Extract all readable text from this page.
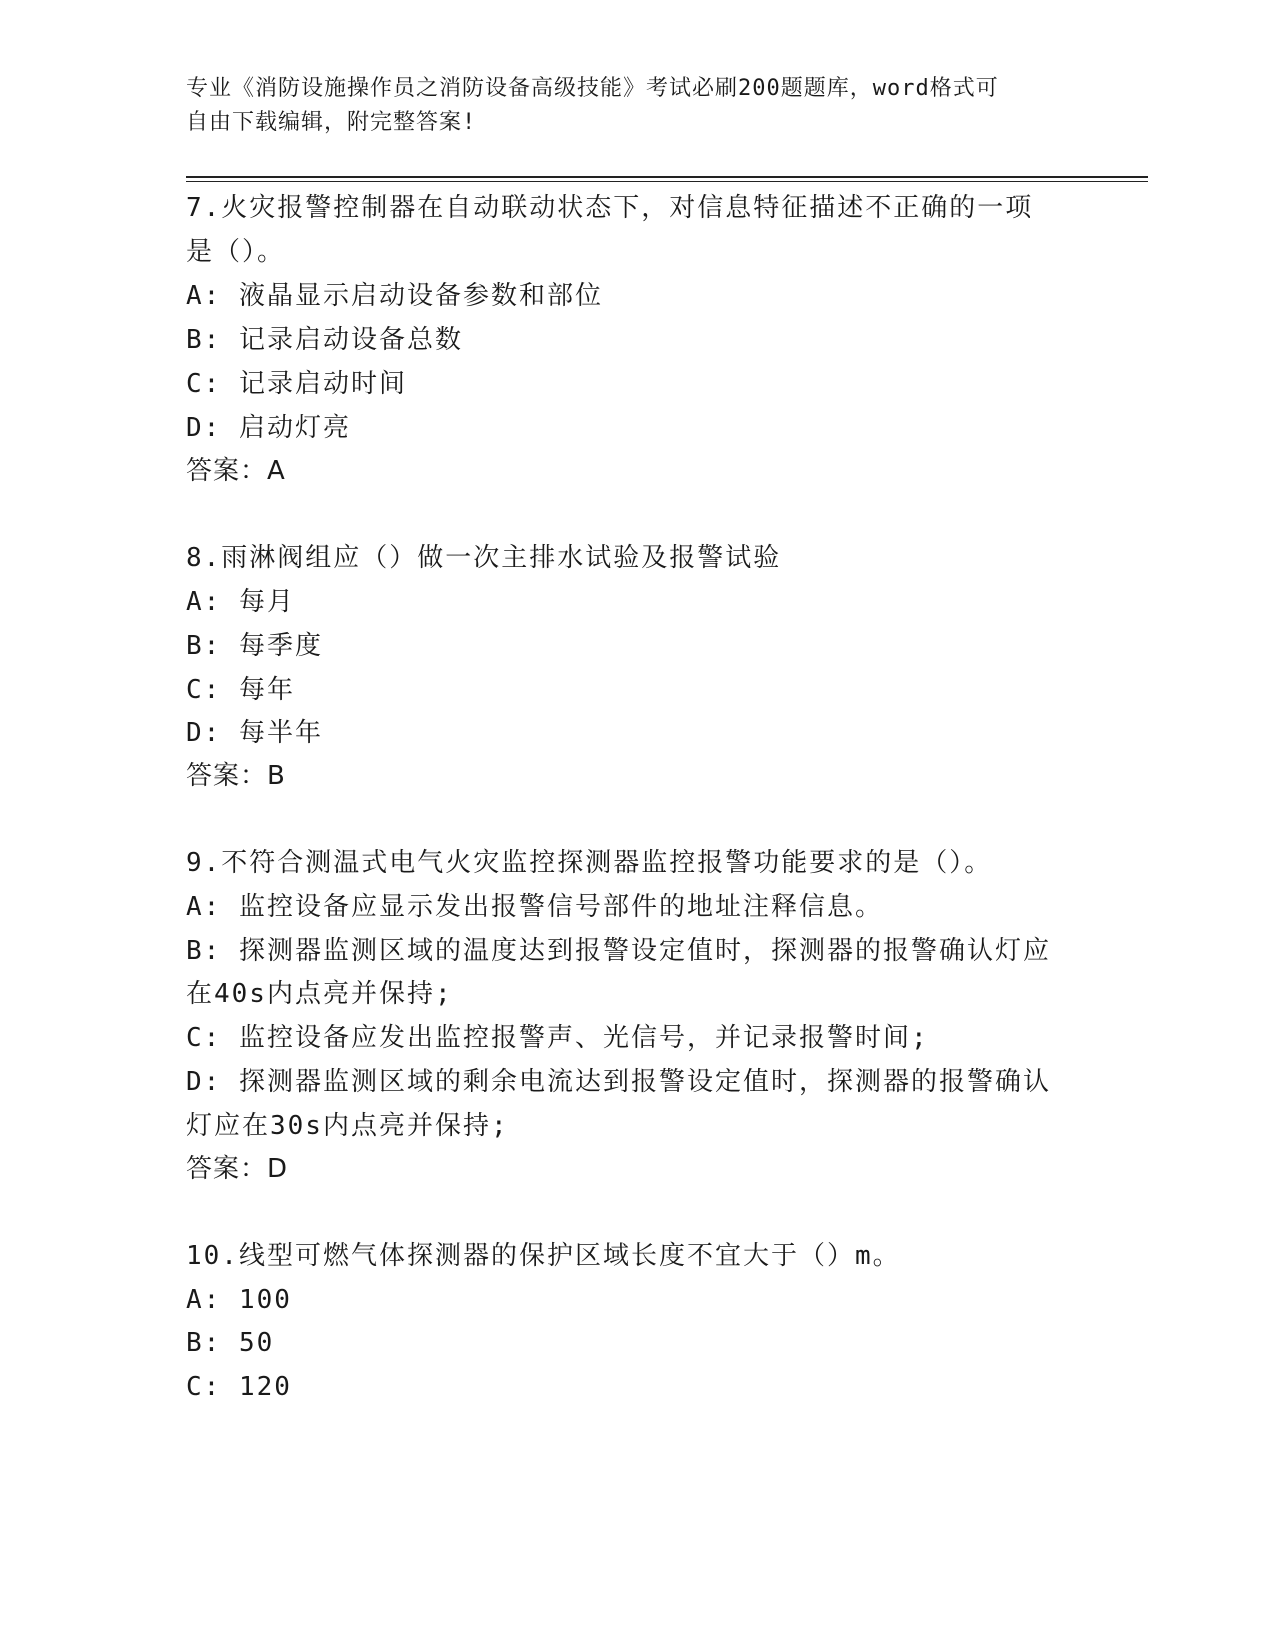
专业《消防设施操作员之消防设备高级技能》考试必刷200题题库，word格式可
自由下载编辑，附完整答案!
7.火灾报警控制器在自动联动状态下，对信息特征描述不正确的一项
是（）。
A: 液晶显示启动设备参数和部位
B: 记录启动设备总数
C: 记录启动时间
D: 启动灯亮
答案：A
8.雨淋阀组应（）做一次主排水试验及报警试验
A: 每月
B: 每季度
C: 每年
D: 每半年
答案：B
9.不符合测温式电气火灾监控探测器监控报警功能要求的是（）。
A: 监控设备应显示发出报警信号部件的地址注释信息。
B: 探测器监测区域的温度达到报警设定值时，探测器的报警确认灯应
在40s内点亮并保持;
C: 监控设备应发出监控报警声、光信号，并记录报警时间;
D: 探测器监测区域的剩余电流达到报警设定值时，探测器的报警确认
灯应在30s内点亮并保持;
答案：D
10.线型可燃气体探测器的保护区域长度不宜大于（）m。
A: 100
B: 50
C: 120
